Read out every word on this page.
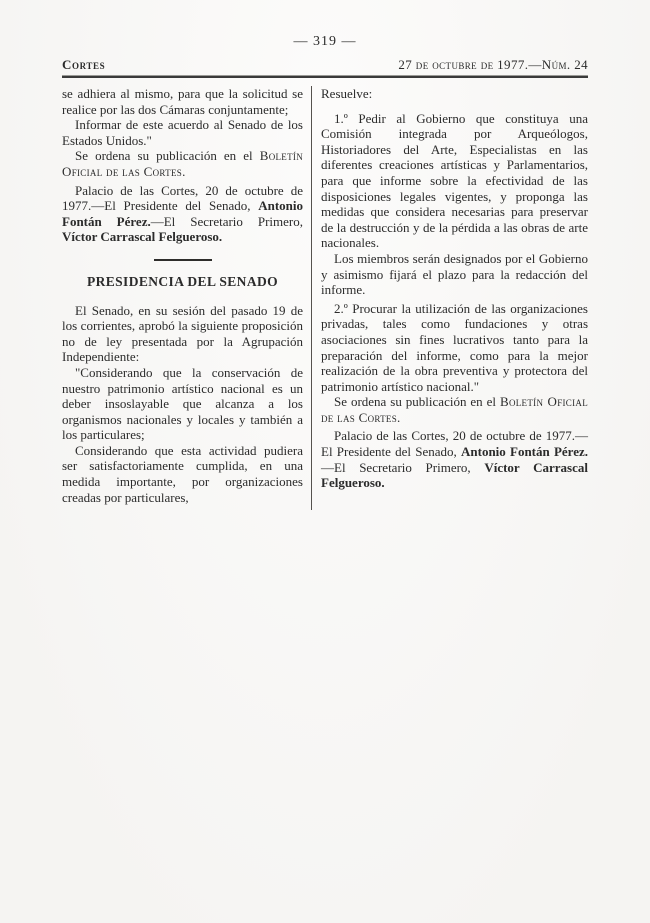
— 319 —
Cortes	27 de octubre de 1977.—Núm. 24

se adhiera al mismo, para que la solicitud se realice por las dos Cámaras conjuntamente;

Informar de este acuerdo al Senado de los Estados Unidos."

Se ordena su publicación en el Boletín Oficial de las Cortes.

Palacio de las Cortes, 20 de octubre de 1977.—El Presidente del Senado, Antonio Fontán Pérez.—El Secretario Primero, Víctor Carrascal Felgueroso.

PRESIDENCIA DEL SENADO

El Senado, en su sesión del pasado 19 de los corrientes, aprobó la siguiente proposición no de ley presentada por la Agrupación Independiente:

"Considerando que la conservación de nuestro patrimonio artístico nacional es un deber insoslayable que alcanza a los organismos nacionales y locales y también a los particulares;

Considerando que esta actividad pudiera ser satisfactoriamente cumplida, en una medida importante, por organizaciones creadas por particulares,

Resuelve:

1.º Pedir al Gobierno que constituya una Comisión integrada por Arqueólogos, Historiadores del Arte, Especialistas en las diferentes creaciones artísticas y Parlamentarios, para que informe sobre la efectividad de las disposiciones legales vigentes, y proponga las medidas que considera necesarias para preservar de la destrucción y de la pérdida a las obras de arte nacionales.

Los miembros serán designados por el Gobierno y asimismo fijará el plazo para la redacción del informe.

2.º Procurar la utilización de las organizaciones privadas, tales como fundaciones y otras asociaciones sin fines lucrativos tanto para la preparación del informe, como para la mejor realización de la obra preventiva y protectora del patrimonio artístico nacional."

Se ordena su publicación en el Boletín Oficial de las Cortes.

Palacio de las Cortes, 20 de octubre de 1977.—El Presidente del Senado, Antonio Fontán Pérez.—El Secretario Primero, Víctor Carrascal Felgueroso.
